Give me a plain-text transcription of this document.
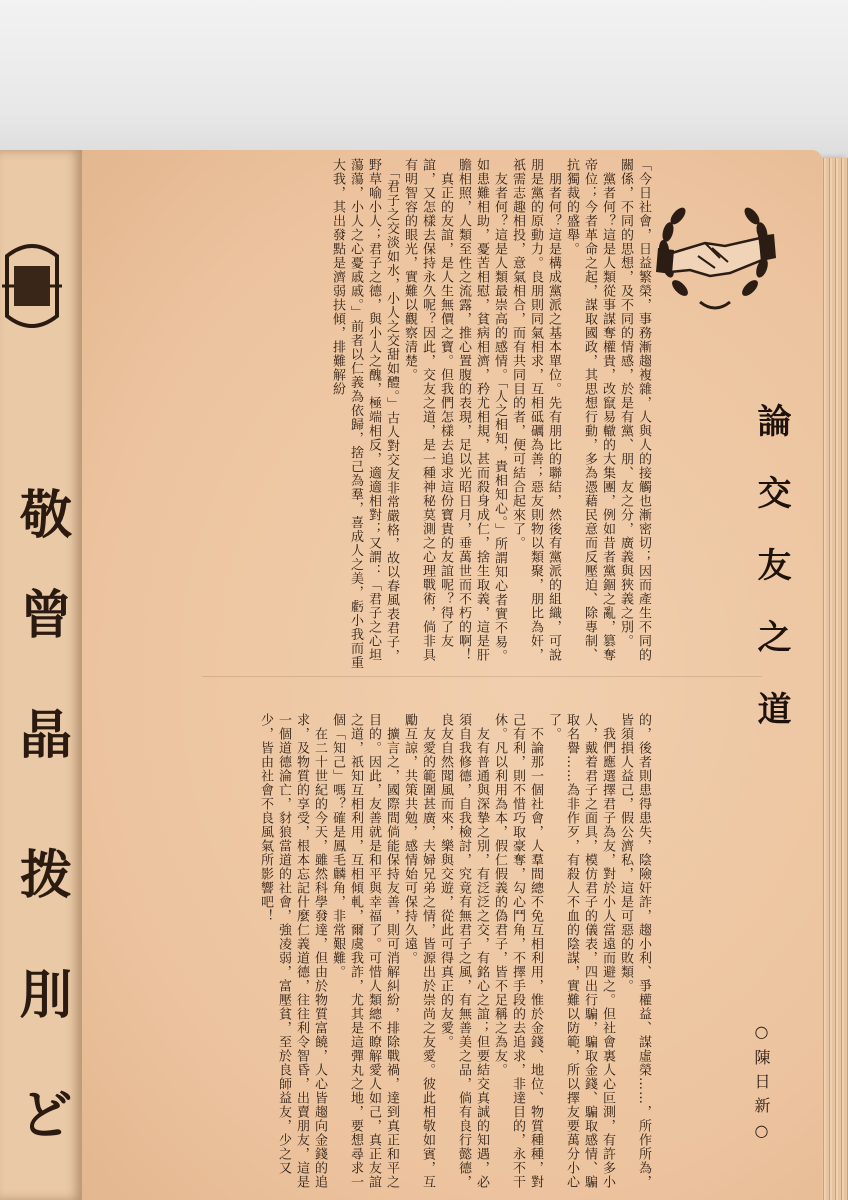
敬
曾
晶
拨
刖
ど
論交友之道
「今日社會，日益繁榮，事務漸趨複雜，人與人的接觸也漸密切；因而產生不同的關係，不同的思想，及不同的情感，於是有黨、朋、友之分，廣義與狹義之別。
　黨者何？這是人類從事謀奪權貴，改竄易轍的大集團，例如昔者黨錮之亂，篡奪帝位；今者革命之起，謀取國政，其思想行動，多為憑藉民意而反壓迫、除專制、抗獨裁的盛舉。
　朋者何？這是構成黨派之基本單位。先有朋比的聯結，然後有黨派的組織，可說朋是黨的原動力。良朋則同氣相求，互相砥礪為善；惡友則物以類聚，朋比為奸，祇需志趣相投，意氣相合，而有共同目的者，便可結合起來了。
　友者何？這是人類最崇高的感情。「人之相知，貴相知心。」所謂知心者實不易。如患難相助，憂苦相慰，貧病相濟，矜尤相規，甚而殺身成仁，捨生取義，這是肝膽相照，人類至性之流露，推心置腹的表現，足以光昭日月，垂萬世而不朽的啊！
　真正的友誼，是人生無價之寶。但我們怎樣去追求這份寶貴的友誼呢？得了友誼，又怎樣去保持永久呢？因此，交友之道，是一種神秘莫測之心理戰術，倘非具有明智容的眼光，實難以觀察清楚。
　「君子之交淡如水，小人之交甜如醴。」古人對交友非常嚴格，故以春風表君子，野草喻小人；君子之德，與小人之醜，極端相反，適適相對；又謂：「君子之心坦蕩蕩，小人之心憂戚戚。」前者以仁義為依歸，捨己為羣，喜成人之美，虧小我而重大我，其出發點是濟弱扶傾，排難解紛
的，後者則患得患失，陰險奸詐，趨小利、爭權益、謀虛榮……，所作所為，皆須損人益己，假公濟私，這是可惡的敗類。
　我們應選擇君子為友，對於小人當遠而避之。但社會裏人心叵測，有許多小人，戴着君子之面具，模仿君子的儀表，四出行騙，騙取金錢、騙取感情、騙取名譽……為非作歹，有殺人不血的陰謀，實難以防範，所以擇友要萬分小心了。
　不論那一個社會，人羣間總不免互相利用，惟於金錢、地位、物質種種，對己有利，則不惜巧取豪奪，勾心鬥角，不擇手段的去追求，非達目的，永不干休。凡以利用為本，假仁假義的偽君子，皆不足稱之為友。
　友有普通與深摯之別，有泛泛之交，有銘心之誼；但要結交真誠的知遇，必須自我修德，自我檢討，究竟有無君子之風，有無善美之品，倘有良行懿德，良友自然聞風而來，樂與交遊，從此可得真正的友愛。
　友愛的範圍甚廣，夫婦兄弟之情，皆源出於崇尚之友愛。彼此相敬如賓，互勵互諒，共策共勉，感情始可保持久遠。
　擴言之，國際間倘能保持友善，則可消解糾紛，排除戰禍，達到真正和平之目的。因此，友善就是和平與幸福了。可惜人類總不瞭解愛人如己，真正友誼之道，祇知互相利用，互相傾軋，爾虞我詐，尤其是這彈丸之地，要想尋求一個「知己」嗎？確是鳳毛麟角，非常艱難。
　在二十世紀的今天，雖然科學發達，但由於物質富饒，人心皆趨向金錢的追求，及物質的享受，根本忘記什麼仁義道德，往往利令智昏，出賣朋友，這是一個道德淪亡，豺狼當道的社會，強凌弱，富壓貧，至於良師益友，少之又少，皆由社會不良風氣所影響吧！
○陳日新○
